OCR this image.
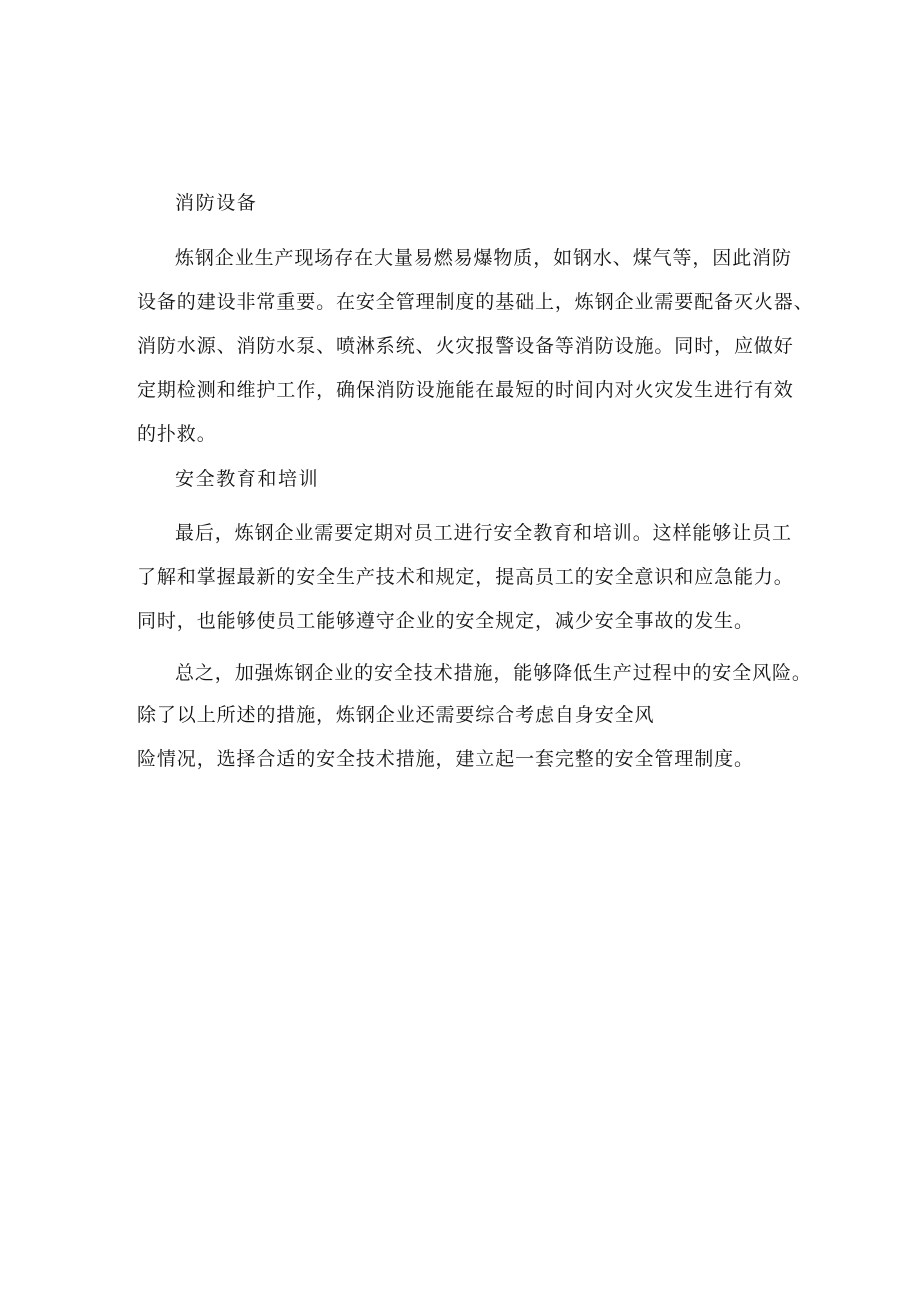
消防设备
炼钢企业生产现场存在大量易燃易爆物质，如钢水、煤气等，因此消防
设备的建设非常重要。在安全管理制度的基础上，炼钢企业需要配备灭火器、
消防水源、消防水泵、喷淋系统、火灾报警设备等消防设施。同时，应做好
定期检测和维护工作，确保消防设施能在最短的时间内对火灾发生进行有效
的扑救。
安全教育和培训
最后，炼钢企业需要定期对员工进行安全教育和培训。这样能够让员工
了解和掌握最新的安全生产技术和规定，提高员工的安全意识和应急能力。
同时，也能够使员工能够遵守企业的安全规定，减少安全事故的发生。
总之，加强炼钢企业的安全技术措施，能够降低生产过程中的安全风险。
除了以上所述的措施，炼钢企业还需要综合考虑自身安全风
险情况，选择合适的安全技术措施，建立起一套完整的安全管理制度。
